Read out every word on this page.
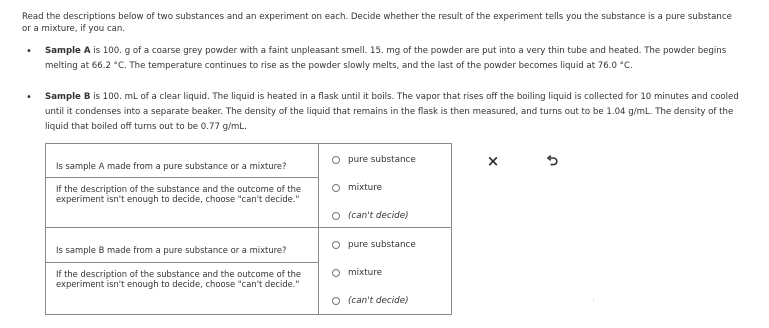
Read the descriptions below of two substances and an experiment on each. Decide whether the result of the experiment tells you the substance is a pure substance or a mixture, if you can.
•	Sample A is 100. g of a coarse grey powder with a faint unpleasant smell. 15. mg of the powder are put into a very thin tube and heated. The powder begins melting at 66.2 °C. The temperature continues to rise as the powder slowly melts, and the last of the powder becomes liquid at 76.0 °C.
•	Sample B is 100. mL of a clear liquid. The liquid is heated in a flask until it boils. The vapor that rises off the boiling liquid is collected for 10 minutes and cooled until it condenses into a separate beaker. The density of the liquid that remains in the flask is then measured, and turns out to be 1.04 g/mL. The density of the liquid that boiled off turns out to be 0.77 g/mL.
Is sample A made from a pure substance or a mixture?
If the description of the substance and the outcome of the experiment isn't enough to decide, choose "can't decide."
pure substance
mixture
(can't decide)
Is sample B made from a pure substance or a mixture?
If the description of the substance and the outcome of the experiment isn't enough to decide, choose "can't decide."
pure substance
mixture
(can't decide)
×
